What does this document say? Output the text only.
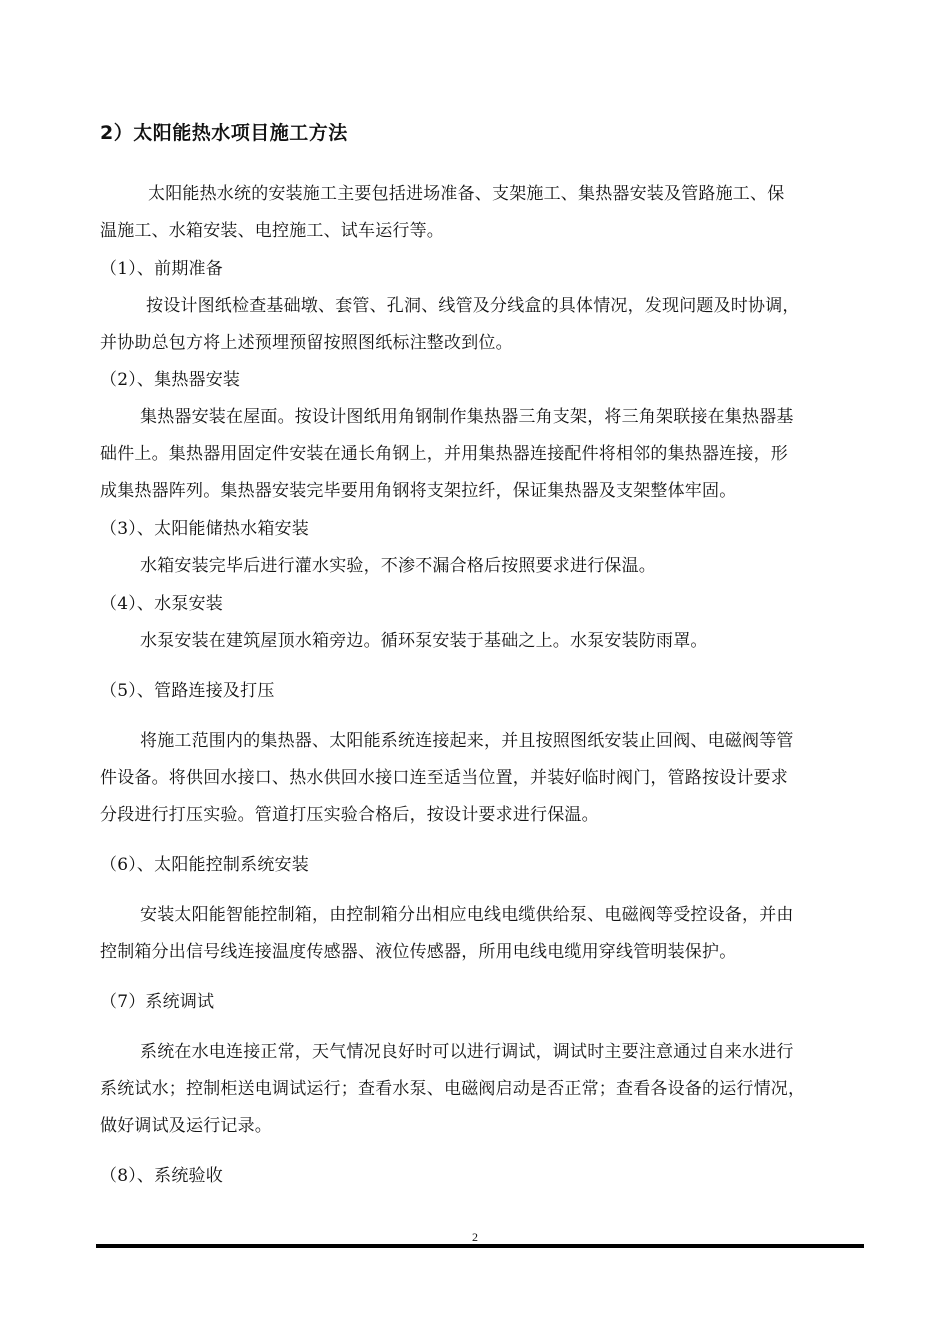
2）太阳能热水项目施工方法
太阳能热水统的安装施工主要包括进场准备、支架施工、集热器安装及管路施工、保
温施工、水箱安装、电控施工、试车运行等。
（1）、前期准备
按设计图纸检查基础墩、套管、孔洞、线管及分线盒的具体情况，发现问题及时协调，
并协助总包方将上述预埋预留按照图纸标注整改到位。
（2）、集热器安装
集热器安装在屋面。按设计图纸用角钢制作集热器三角支架，将三角架联接在集热器基
础件上。集热器用固定件安装在通长角钢上，并用集热器连接配件将相邻的集热器连接，形
成集热器阵列。集热器安装完毕要用角钢将支架拉纤，保证集热器及支架整体牢固。
（3）、太阳能储热水箱安装
水箱安装完毕后进行灌水实验，不渗不漏合格后按照要求进行保温。
（4）、水泵安装
水泵安装在建筑屋顶水箱旁边。循环泵安装于基础之上。水泵安装防雨罩。
（5）、管路连接及打压
将施工范围内的集热器、太阳能系统连接起来，并且按照图纸安装止回阀、电磁阀等管
件设备。将供回水接口、热水供回水接口连至适当位置，并装好临时阀门，管路按设计要求
分段进行打压实验。管道打压实验合格后，按设计要求进行保温。
（6）、太阳能控制系统安装
安装太阳能智能控制箱，由控制箱分出相应电线电缆供给泵、电磁阀等受控设备，并由
控制箱分出信号线连接温度传感器、液位传感器，所用电线电缆用穿线管明装保护。
（7）系统调试
系统在水电连接正常，天气情况良好时可以进行调试，调试时主要注意通过自来水进行
系统试水；控制柜送电调试运行；查看水泵、电磁阀启动是否正常；查看各设备的运行情况，
做好调试及运行记录。
（8）、系统验收
2
